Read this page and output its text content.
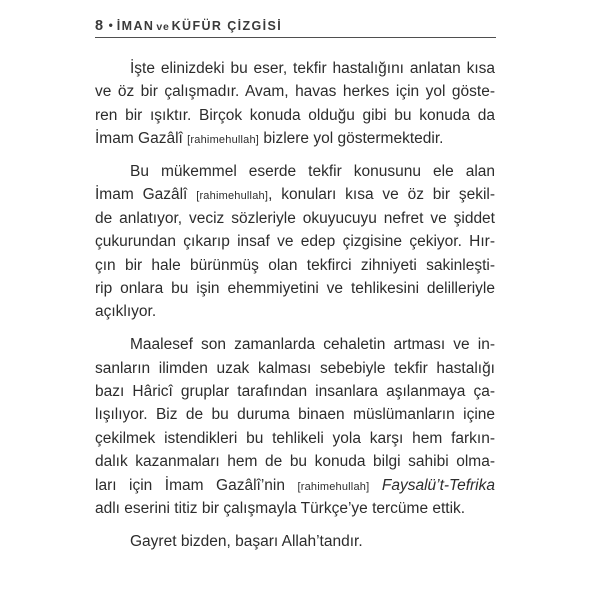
8 • İMAN ve KÜFÜR ÇİZGİSİ
İşte elinizdeki bu eser, tekfir hastalığını anlatan kısa
ve öz bir çalışmadır. Avam, havas herkes için yol göste-
ren bir ışıktır. Birçok konuda olduğu gibi bu konuda da
İmam Gazâlî [rahimehullah] bizlere yol göstermektedir.
Bu mükemmel eserde tekfir konusunu ele alan
İmam Gazâlî [rahimehullah], konuları kısa ve öz bir şekil-
de anlatıyor, veciz sözleriyle okuyucuyu nefret ve şiddet
çukurundan çıkarıp insaf ve edep çizgisine çekiyor. Hır-
çın bir hale bürünmüş olan tekfirci zihniyeti sakinleşti-
rip onlara bu işin ehemmiyetini ve tehlikesini delilleriyle
açıklıyor.
Maalesef son zamanlarda cehaletin artması ve in-
sanların ilimden uzak kalması sebebiyle tekfir hastalığı
bazı Hâricî gruplar tarafından insanlara aşılanmaya ça-
lışılıyor. Biz de bu duruma binaen müslümanların içine
çekilmek istendikleri bu tehlikeli yola karşı hem farkın-
dalık kazanmaları hem de bu konuda bilgi sahibi olma-
ları için İmam Gazâlî’nin [rahimehullah] Faysalü’t-Tefrika
adlı eserini titiz bir çalışmayla Türkçe’ye tercüme ettik.
Gayret bizden, başarı Allah’tandır.
